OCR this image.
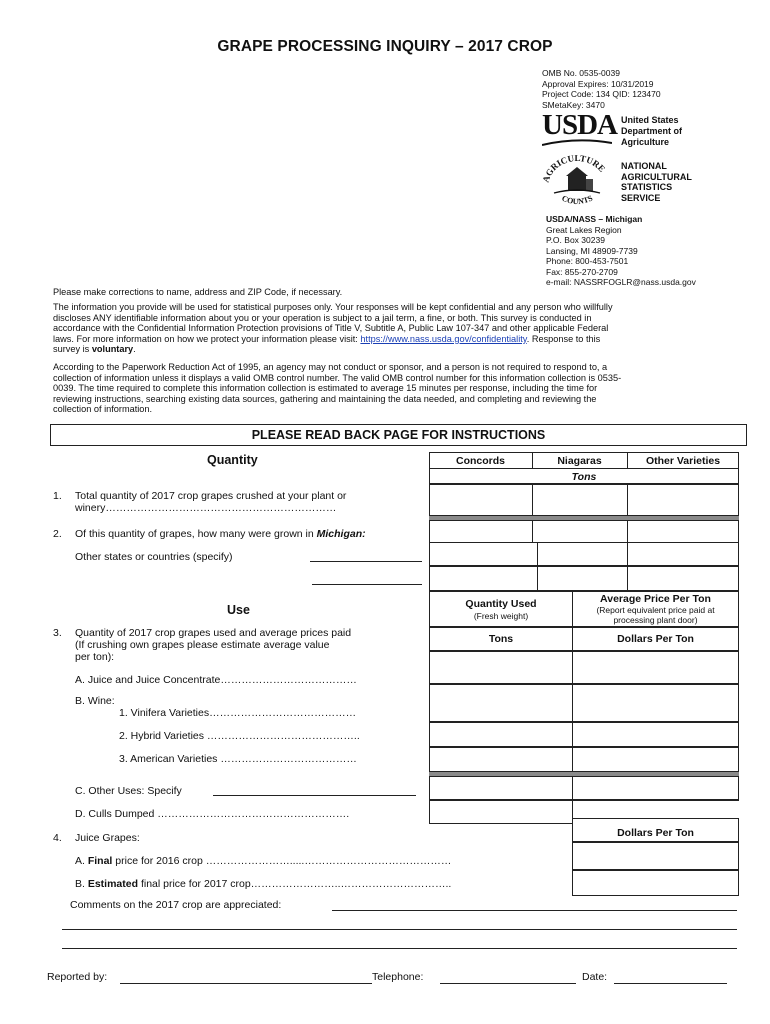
GRAPE PROCESSING INQUIRY – 2017 CROP
OMB No. 0535-0039
Approval Expires: 10/31/2019
Project Code: 134 QID: 123470
SMetaKey: 3470
USDA United States
Department of
Agriculture
AGRICULTURE
COUNTS
NATIONAL
AGRICULTURAL
STATISTICS
SERVICE
USDA/NASS – Michigan
Great Lakes Region
P.O. Box 30239
Lansing, MI 48909-7739
Phone: 800-453-7501
Fax: 855-270-2709
e-mail: NASSRFOGLR@nass.usda.gov
Please make corrections to name, address and ZIP Code, if necessary.
The information you provide will be used for statistical purposes only. Your responses will be kept confidential and any person who willfully
discloses ANY identifiable information about you or your operation is subject to a jail term, a fine, or both. This survey is conducted in
accordance with the Confidential Information Protection provisions of Title V, Subtitle A, Public Law 107-347 and other applicable Federal
laws. For more information on how we protect your information please visit: https://www.nass.usda.gov/confidentiality. Response to this
survey is voluntary.
According to the Paperwork Reduction Act of 1995, an agency may not conduct or sponsor, and a person is not required to respond to, a
collection of information unless it displays a valid OMB control number. The valid OMB control number for this information collection is 0535-
0039. The time required to complete this information collection is estimated to average 15 minutes per response, including the time for
reviewing instructions, searching existing data sources, gathering and maintaining the data needed, and completing and reviewing the
collection of information.
PLEASE READ BACK PAGE FOR INSTRUCTIONS
Quantity	Concords	Niagaras	Other Varieties
Tons
1. Total quantity of 2017 crop grapes crushed at your plant or
winery…………………………………………………………
2. Of this quantity of grapes, how many were grown in Michigan:
Other states or countries (specify)
Use	Quantity Used
(Fresh weight)
Average Price Per Ton
(Report equivalent price paid at
processing plant door)
Tons	Dollars Per Ton
3. Quantity of 2017 crop grapes used and average prices paid
(If crushing own grapes please estimate average value
per ton):
A. Juice and Juice Concentrate…………………………………
B. Wine:
1. Vinifera Varieties……………………………………
2. Hybrid Varieties ……………………………………..
3. American Varieties …………………………………
C. Other Uses: Specify
D. Culls Dumped ……………………………………………….
Dollars Per Ton
4. Juice Grapes:
A. Final price for 2016 crop …………………….....……………………………………
B. Estimated final price for 2017 crop……………………..…………………………..
Comments on the 2017 crop are appreciated:
Reported by:	Telephone:	Date:
